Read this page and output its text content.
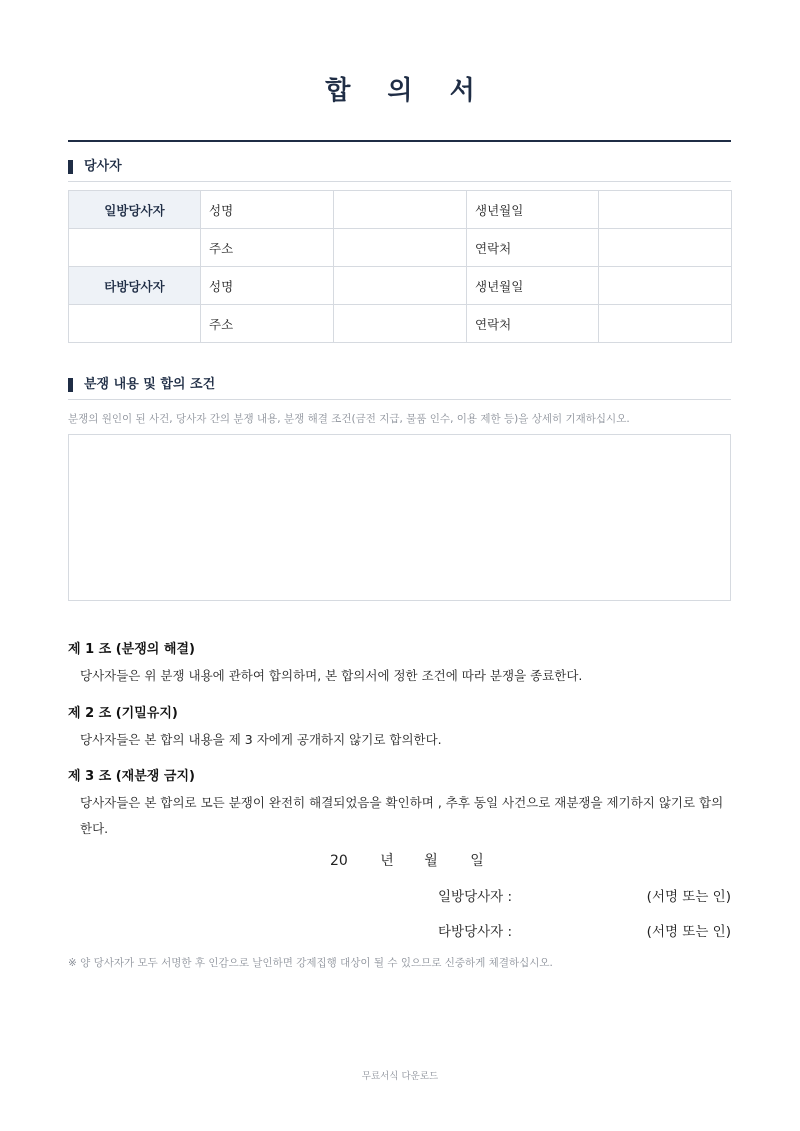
합 의 서
당사자
일방당사자	성명		생년월일	
	주소		연락처	
타방당사자	성명		생년월일	
	주소		연락처	
분쟁 내용 및 합의 조건
분쟁의 원인이 된 사건, 당사자 간의 분쟁 내용, 분쟁 해결 조건(금전 지급, 물품 인수, 이용 제한 등)을 상세히 기재하십시오.
제 1 조 (분쟁의 해결)
당사자들은 위 분쟁 내용에 관하여 합의하며, 본 합의서에 정한 조건에 따라 분쟁을 종료한다.
제 2 조 (기밀유지)
당사자들은 본 합의 내용을 제 3 자에게 공개하지 않기로 합의한다.
제 3 조 (재분쟁 금지)
당사자들은 본 합의로 모든 분쟁이 완전히 해결되었음을 확인하며 , 추후 동일 사건으로 재분쟁을 제기하지 않기로 합의한다.
20 년 월 일
일방당사자 :	(서명 또는 인)
타방당사자 :	(서명 또는 인)
※ 양 당사자가 모두 서명한 후 인감으로 날인하면 강제집행 대상이 될 수 있으므로 신중하게 체결하십시오.
무료서식 다운로드
